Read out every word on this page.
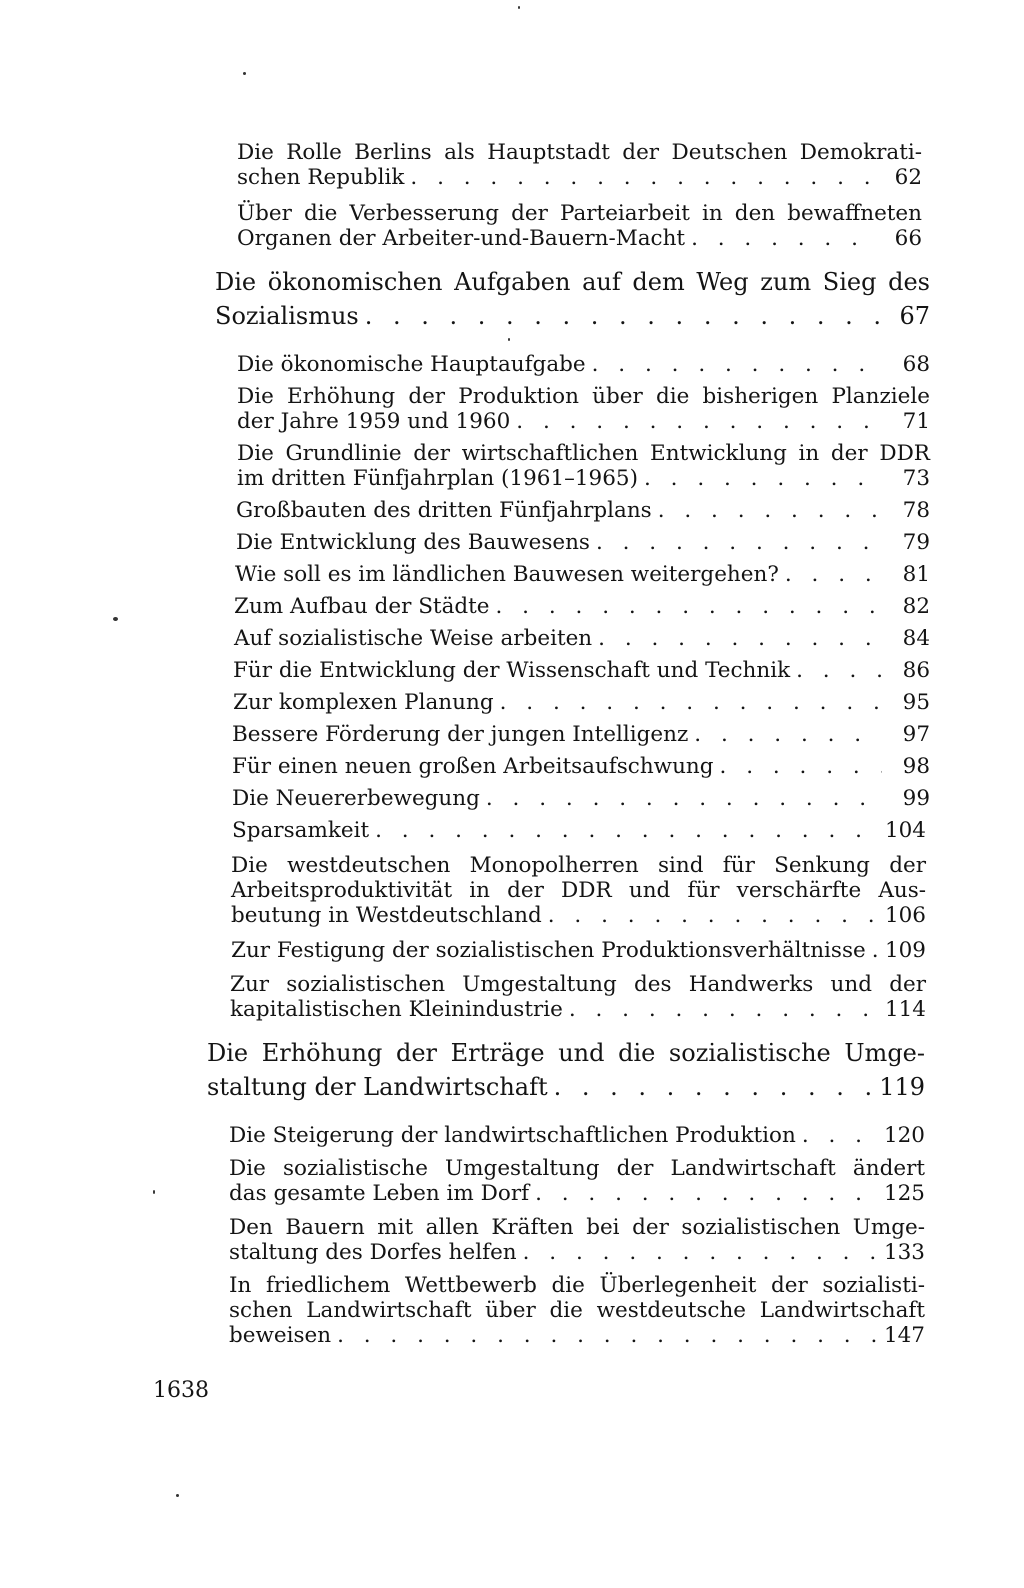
Die Rolle Berlins als Hauptstadt der Deutschen Demokrati-
schen Republik . . .	62
Über die Verbesserung der Parteiarbeit in den bewaffneten
Organen der Arbeiter-und-Bauern-Macht . . .	66
Die ökonomischen Aufgaben auf dem Weg zum Sieg des
Sozialismus . . .	67
Die ökonomische Hauptaufgabe . . .	68
Die Erhöhung der Produktion über die bisherigen Planziele
der Jahre 1959 und 1960 . . .	71
Die Grundlinie der wirtschaftlichen Entwicklung in der DDR
im dritten Fünfjahrplan (1961–1965) . . .	73
Großbauten des dritten Fünfjahrplans . . .	78
Die Entwicklung des Bauwesens . . .	79
Wie soll es im ländlichen Bauwesen weitergehen? . . .	81
Zum Aufbau der Städte . . .	82
Auf sozialistische Weise arbeiten . . .	84
Für die Entwicklung der Wissenschaft und Technik . . .	86
Zur komplexen Planung . . .	95
Bessere Förderung der jungen Intelligenz . . .	97
Für einen neuen großen Arbeitsaufschwung . . .	98
Die Neuererbewegung . . .	99
Sparsamkeit . . .	104
Die westdeutschen Monopolherren sind für Senkung der
Arbeitsproduktivität in der DDR und für verschärfte Aus-
beutung in Westdeutschland . . .	106
Zur Festigung der sozialistischen Produktionsverhältnisse . . . 109
Zur sozialistischen Umgestaltung des Handwerks und der
kapitalistischen Kleinindustrie . . .	114
Die Erhöhung der Erträge und die sozialistische Umge-
staltung der Landwirtschaft . . .	119
Die Steigerung der landwirtschaftlichen Produktion . . .	120
Die sozialistische Umgestaltung der Landwirtschaft ändert
das gesamte Leben im Dorf . . .	125
Den Bauern mit allen Kräften bei der sozialistischen Umge-
staltung des Dorfes helfen . . .	133
In friedlichem Wettbewerb die Überlegenheit der sozialisti-
schen Landwirtschaft über die westdeutsche Landwirtschaft
beweisen . . .	147
1638
